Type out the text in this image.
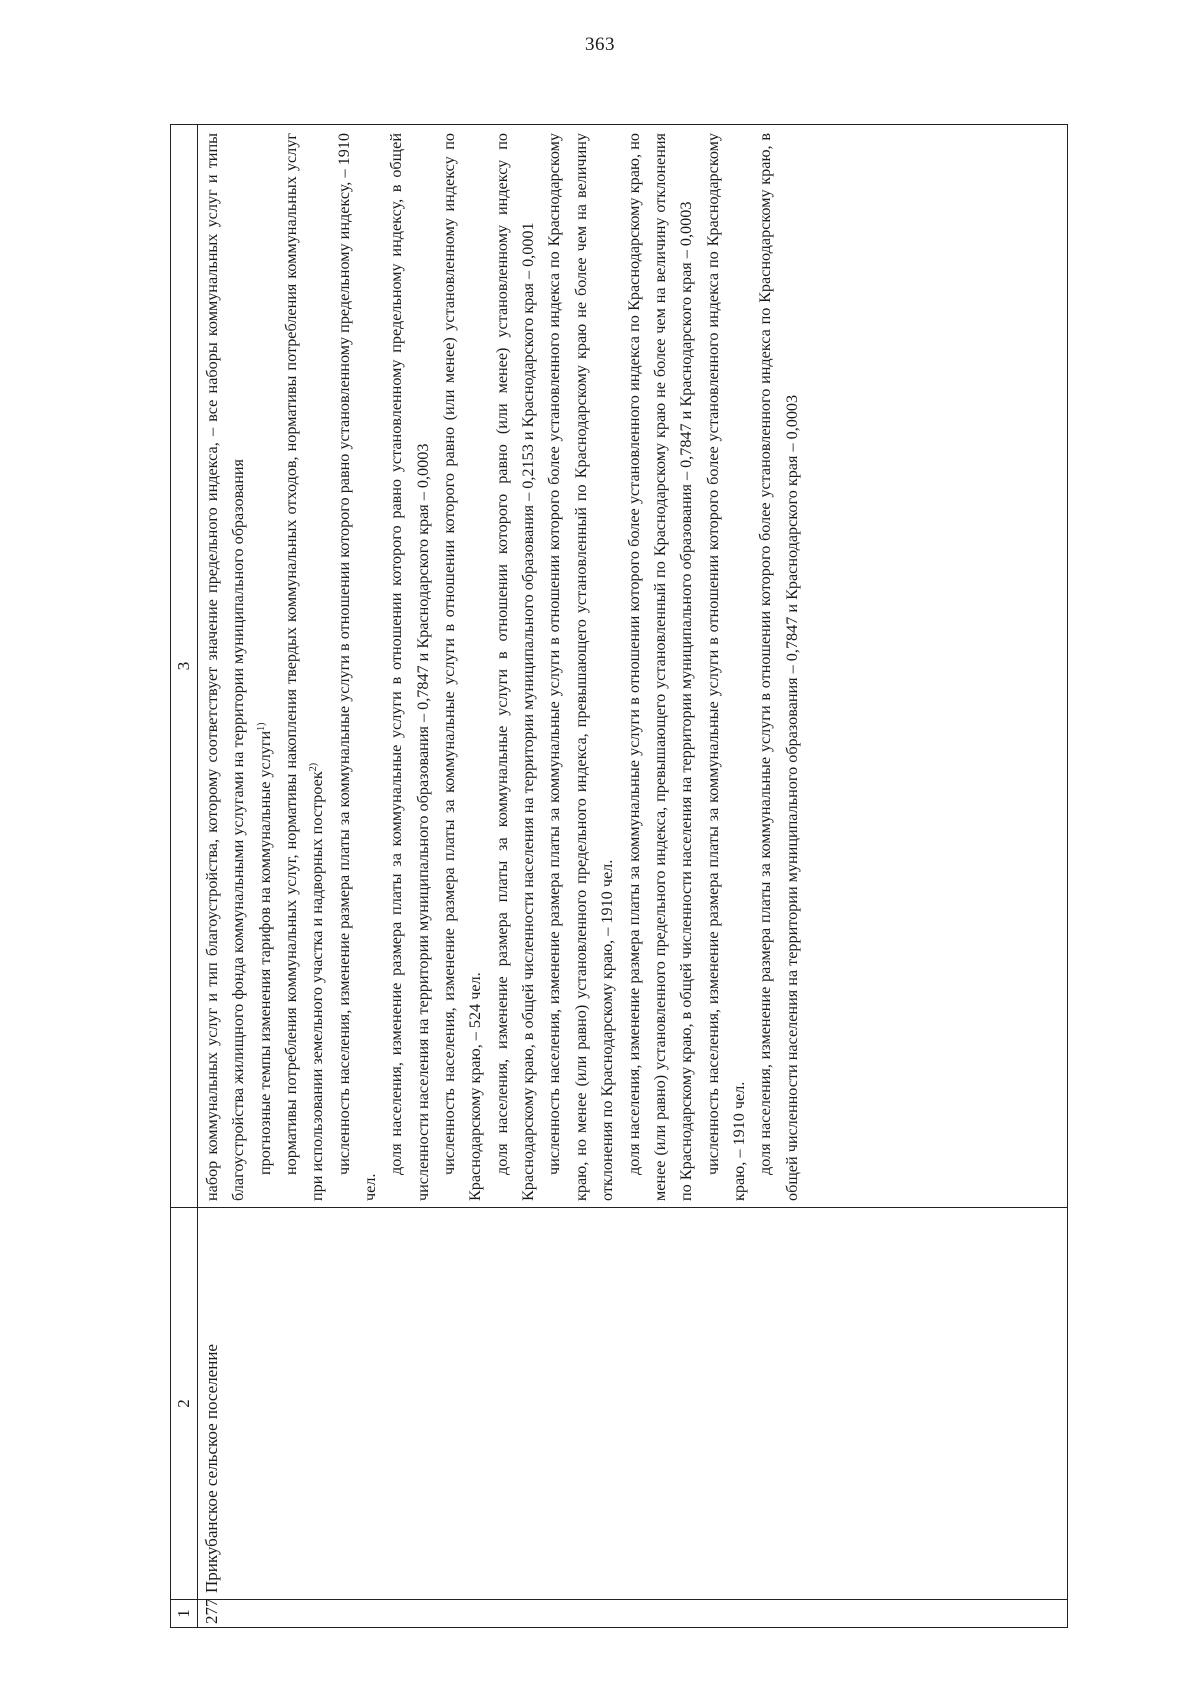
363
1
2
3
277
Прикубанское сельское поселение

набор коммунальных услуг и тип благоустройства, которому соответствует значение предельного индекса, – все наборы коммунальных услуг и типы благоустройства жилищного фонда коммунальными услугами на территории муниципального образования прогнозные темпы изменения тарифов на коммунальные услуги$^{1)}$ нормативы потребления коммунальных услуг, нормативы накопления твердых коммунальных отходов, нормативы потребления коммунальных услуг при использовании земельного участка и надворных построек$^{2)}$ численность населения, изменение размера платы за коммунальные услуги в отношении которого равно установленному предельному индексу, – 1910 чел.

доля населения, изменение размера платы за коммунальные услуги в отношении которого равно установленному предельному индексу, в общей численности населения на территории муниципального образования – 0,7847 и Краснодарского края – 0,0003 численность населения, изменение размера платы за коммунальные услуги в отношении которого равно (или менее) установленному индексу по Краснодарскому краю, – 524 чел. доля населения, изменение размера платы за коммунальные услуги в отношении которого равно (или менее) установленному индексу по Краснодарскому краю, в общей численности населения на территории муниципального образования – 0,2153 и Краснодарского края – 0,0001 численность населения, изменение размера платы за коммунальные услуги в отношении которого более установленного индекса по Краснодарскому краю, но менее (или равно) установленного предельного индекса, превышающего установленный по Краснодарскому краю не более чем на величину отклонения по Краснодарскому краю, – 1910 чел. доля населения, изменение размера платы за коммунальные услуги в отношении которого более установленного индекса по Краснодарскому краю, но менее (или равно) установленного предельного индекса, превышающего установленный по Краснодарскому краю не более чем на величину отклонения по Краснодарскому краю, в общей численности населения на территории муниципального образования – 0,7847 и Краснодарского края – 0,0003 численность населения, изменение размера платы за коммунальные услуги в отношении которого более установленного индекса по Краснодарскому краю, – 1910 чел. доля населения, изменение размера платы за коммунальные услуги в отношении которого более установленного индекса по Краснодарскому краю, в общей численности населения на территории муниципального образования – 0,7847 и Краснодарского края – 0,0003
